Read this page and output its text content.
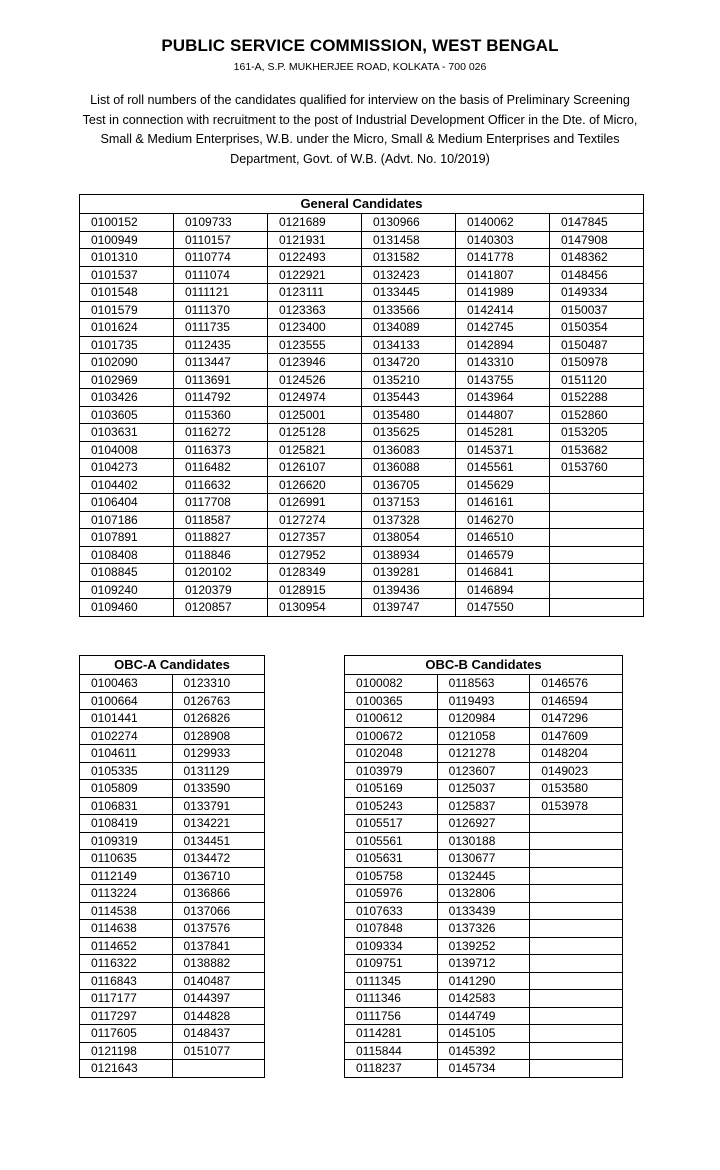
PUBLIC SERVICE COMMISSION, WEST BENGAL
161-A, S.P. MUKHERJEE ROAD, KOLKATA - 700 026
List of roll numbers of the candidates qualified for interview on the basis of Preliminary Screening Test in connection with recruitment to the post of Industrial Development Officer in the Dte. of Micro, Small & Medium Enterprises, W.B. under the Micro, Small & Medium Enterprises and Textiles Department, Govt. of W.B. (Advt. No. 10/2019)
General Candidates					
0100152	0109733	0121689	0130966	0140062	0147845
0100949	0110157	0121931	0131458	0140303	0147908
0101310	0110774	0122493	0131582	0141778	0148362
0101537	0111074	0122921	0132423	0141807	0148456
0101548	0111121	0123111	0133445	0141989	0149334
0101579	0111370	0123363	0133566	0142414	0150037
0101624	0111735	0123400	0134089	0142745	0150354
0101735	0112435	0123555	0134133	0142894	0150487
0102090	0113447	0123946	0134720	0143310	0150978
0102969	0113691	0124526	0135210	0143755	0151120
0103426	0114792	0124974	0135443	0143964	0152288
0103605	0115360	0125001	0135480	0144807	0152860
0103631	0116272	0125128	0135625	0145281	0153205
0104008	0116373	0125821	0136083	0145371	0153682
0104273	0116482	0126107	0136088	0145561	0153760
0104402	0116632	0126620	0136705	0145629	
0106404	0117708	0126991	0137153	0146161	
0107186	0118587	0127274	0137328	0146270	
0107891	0118827	0127357	0138054	0146510	
0108408	0118846	0127952	0138934	0146579	
0108845	0120102	0128349	0139281	0146841	
0109240	0120379	0128915	0139436	0146894	
0109460	0120857	0130954	0139747	0147550	
OBC-A Candidates	
0100463	0123310
0100664	0126763
0101441	0126826
0102274	0128908
0104611	0129933
0105335	0131129
0105809	0133590
0106831	0133791
0108419	0134221
0109319	0134451
0110635	0134472
0112149	0136710
0113224	0136866
0114538	0137066
0114638	0137576
0114652	0137841
0116322	0138882
0116843	0140487
0117177	0144397
0117297	0144828
0117605	0148437
0121198	0151077
0121643	
OBC-B Candidates		
0100082	0118563	0146576
0100365	0119493	0146594
0100612	0120984	0147296
0100672	0121058	0147609
0102048	0121278	0148204
0103979	0123607	0149023
0105169	0125037	0153580
0105243	0125837	0153978
0105517	0126927	
0105561	0130188	
0105631	0130677	
0105758	0132445	
0105976	0132806	
0107633	0133439	
0107848	0137326	
0109334	0139252	
0109751	0139712	
0111345	0141290	
0111346	0142583	
0111756	0144749	
0114281	0145105	
0115844	0145392	
0118237	0145734	
